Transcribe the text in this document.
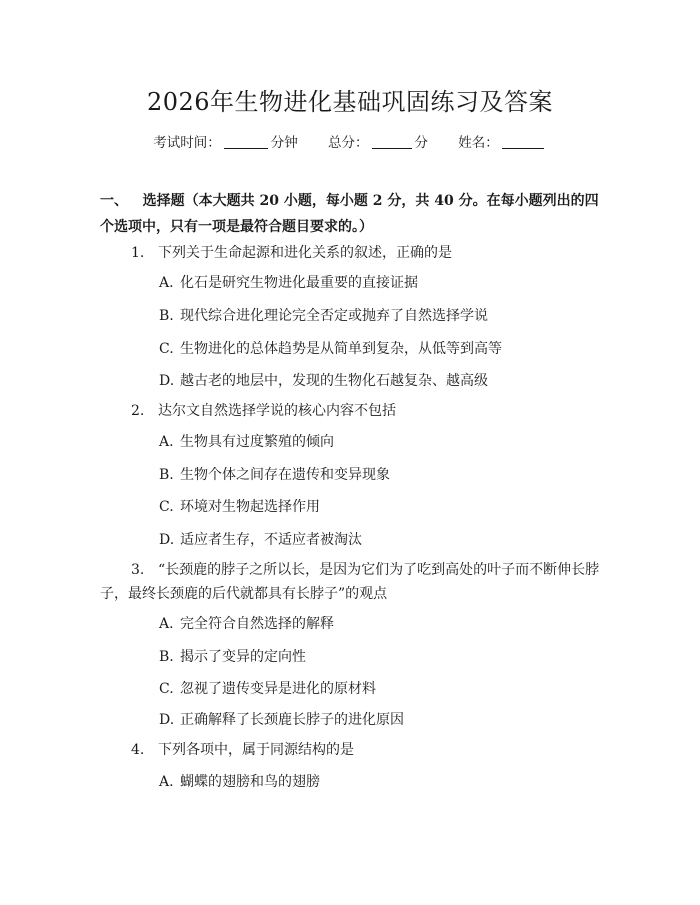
2026年生物进化基础巩固练习及答案
考试时间：	分钟 总分：	分 姓名：
一、 选择题（本大题共 20 小题，每小题 2 分，共 40 分。在每小题列出的四个选项中，只有一项是最符合题目要求的。）
1. 下列关于生命起源和进化关系的叙述，正确的是
A. 化石是研究生物进化最重要的直接证据
B. 现代综合进化理论完全否定或抛弃了自然选择学说
C. 生物进化的总体趋势是从简单到复杂，从低等到高等
D. 越古老的地层中，发现的生物化石越复杂、越高级
2. 达尔文自然选择学说的核心内容不包括
A. 生物具有过度繁殖的倾向
B. 生物个体之间存在遗传和变异现象
C. 环境对生物起选择作用
D. 适应者生存，不适应者被淘汰
3. “长颈鹿的脖子之所以长，是因为它们为了吃到高处的叶子而不断伸长脖子，最终长颈鹿的后代就都具有长脖子”的观点
A. 完全符合自然选择的解释
B. 揭示了变异的定向性
C. 忽视了遗传变异是进化的原材料
D. 正确解释了长颈鹿长脖子的进化原因
4. 下列各项中，属于同源结构的是
A. 蝴蝶的翅膀和鸟的翅膀
